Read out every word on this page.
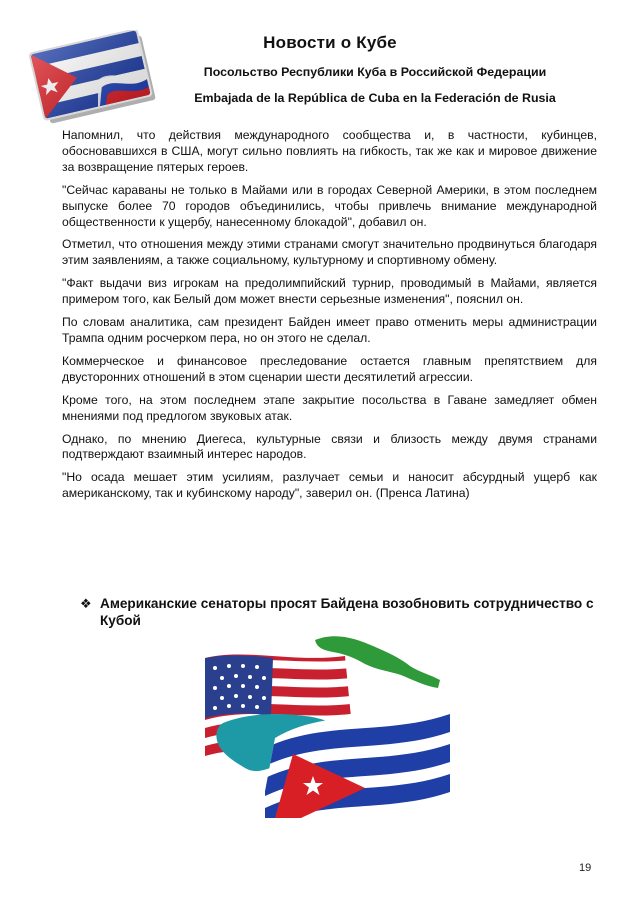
Новости о Кубе
Посольство Республики Куба в Российской Федерации
Embajada de la República de Cuba en la Federación de Rusia

Напомнил, что действия международного сообщества и, в частности, кубинцев, обосновавшихся в США, могут сильно повлиять на гибкость, так же как и мировое движение за возвращение пятерых героев.

"Сейчас караваны не только в Майами или в городах Северной Америки, в этом последнем выпуске более 70 городов объединились, чтобы привлечь внимание международной общественности к ущербу, нанесенному блокадой", добавил он.

Отметил, что отношения между этими странами смогут значительно продвинуться благодаря этим заявлениям, а также социальному, культурному и спортивному обмену.

"Факт выдачи виз игрокам на предолимпийский турнир, проводимый в Майами, является примером того, как Белый дом может внести серьезные изменения", пояснил он.

По словам аналитика, сам президент Байден имеет право отменить меры администрации Трампа одним росчерком пера, но он этого не сделал.

Коммерческое и финансовое преследование остается главным препятствием для двусторонних отношений в этом сценарии шести десятилетий агрессии.

Кроме того, на этом последнем этапе закрытие посольства в Гаване замедляет обмен мнениями под предлогом звуковых атак.

Однако, по мнению Диегеса, культурные связи и близость между двумя странами подтверждают взаимный интерес народов.

"Но осада мешает этим усилиям, разлучает семьи и наносит абсурдный ущерб как американскому, так и кубинскому народу", заверил он. (Пренса Латина)

❖ Американские сенаторы просят Байдена возобновить сотрудничество с Кубой
19
